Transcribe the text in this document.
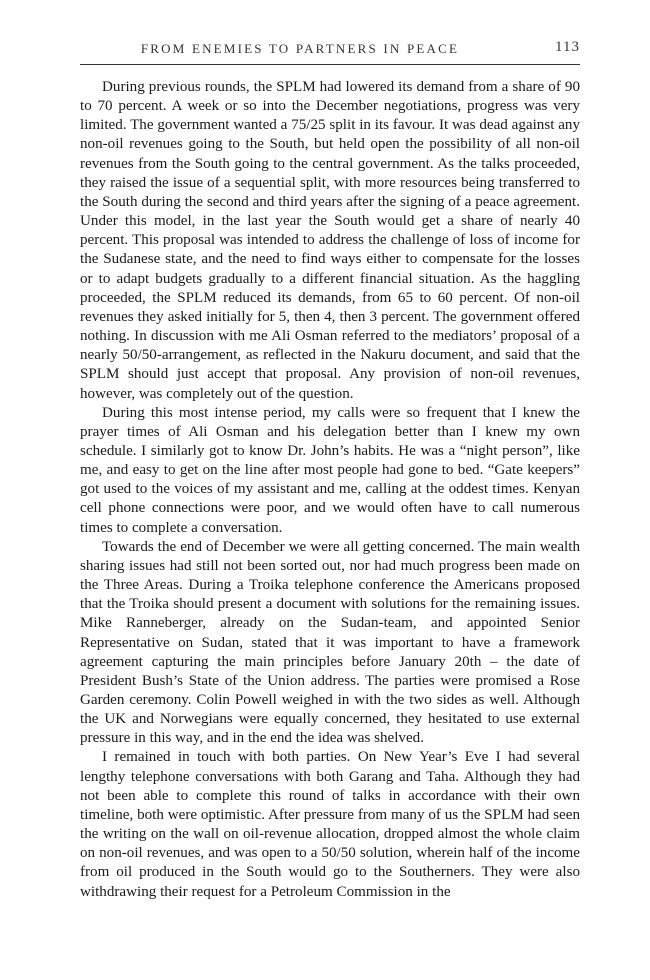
FROM ENEMIES TO PARTNERS IN PEACE	113

During previous rounds, the SPLM had lowered its demand from a share of 90 to 70 percent. A week or so into the December negotiations, progress was very limited. The government wanted a 75/25 split in its favour. It was dead against any non-oil revenues going to the South, but held open the possibility of all non-oil revenues from the South going to the central government. As the talks proceeded, they raised the issue of a sequential split, with more resources being transferred to the South during the second and third years after the signing of a peace agreement. Under this model, in the last year the South would get a share of nearly 40 percent. This proposal was intended to address the challenge of loss of income for the Sudanese state, and the need to find ways either to compensate for the losses or to adapt budgets gradually to a different financial situation. As the haggling proceeded, the SPLM reduced its demands, from 65 to 60 percent. Of non-oil revenues they asked initially for 5, then 4, then 3 percent. The government offered nothing. In discussion with me Ali Osman referred to the mediators’ proposal of a nearly 50/50-arrangement, as reflected in the Nakuru document, and said that the SPLM should just accept that proposal. Any provision of non-oil revenues, however, was completely out of the question.

During this most intense period, my calls were so frequent that I knew the prayer times of Ali Osman and his delegation better than I knew my own schedule. I similarly got to know Dr. John’s habits. He was a “night person”, like me, and easy to get on the line after most people had gone to bed. “Gate keepers” got used to the voices of my assistant and me, calling at the oddest times. Kenyan cell phone connections were poor, and we would often have to call numerous times to complete a conversation.

Towards the end of December we were all getting concerned. The main wealth sharing issues had still not been sorted out, nor had much progress been made on the Three Areas. During a Troika telephone conference the Americans proposed that the Troika should present a document with solutions for the remaining issues. Mike Ranneberger, already on the Sudan-team, and appointed Senior Representative on Sudan, stated that it was important to have a framework agreement capturing the main principles before January 20th – the date of President Bush’s State of the Union address. The parties were promised a Rose Garden ceremony. Colin Powell weighed in with the two sides as well. Although the UK and Norwegians were equally concerned, they hesitated to use external pressure in this way, and in the end the idea was shelved.

I remained in touch with both parties. On New Year’s Eve I had several lengthy telephone conversations with both Garang and Taha. Although they had not been able to complete this round of talks in accordance with their own timeline, both were optimistic. After pressure from many of us the SPLM had seen the writing on the wall on oil-revenue allocation, dropped almost the whole claim on non-oil revenues, and was open to a 50/50 solution, wherein half of the income from oil produced in the South would go to the Southerners. They were also withdrawing their request for a Petroleum Commission in the
